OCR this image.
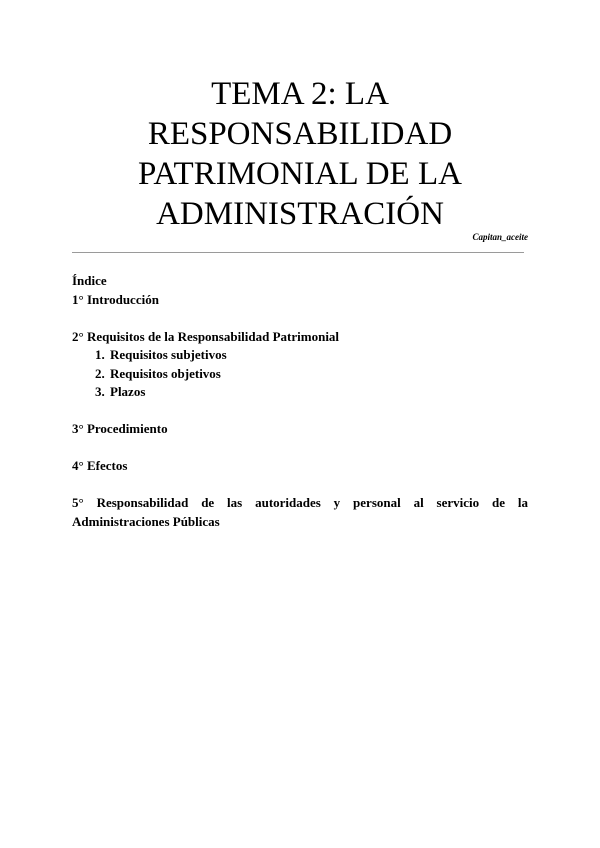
TEMA 2: LA
RESPONSABILIDAD
PATRIMONIAL DE LA
ADMINISTRACIÓN
Capitan_aceite

Índice

1° Introducción

2° Requisitos de la Responsabilidad Patrimonial

1. Requisitos subjetivos
2. Requisitos objetivos
3. Plazos

3° Procedimiento

4° Efectos

5° Responsabilidad de las autoridades y personal al servicio de la
Administraciones Públicas
